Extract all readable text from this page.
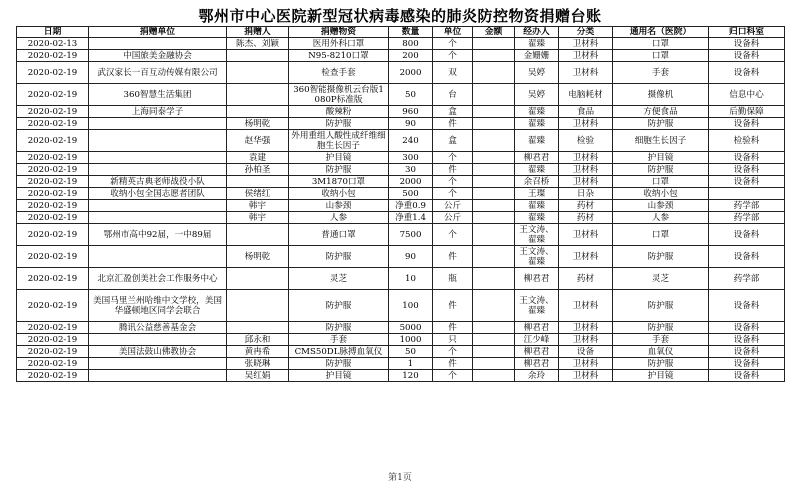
鄂州市中心医院新型冠状病毒感染的肺炎防控物资捐赠台账
日期	捐赠单位	捐赠人	捐赠物资	数量	单位	金额	经办人	分类	通用名（医院）	归口科室
2020-02-13		陈杰、刘颖	医用外科口罩	800	个		翟臻	卫材科	口罩	设备科
2020-02-19	中国旅美金融协会		N95-8210口罩	200	个		金姗姗	卫材科	口罩	设备科
2020-02-19	武汉家长一百互动传媒有限公司		检查手套	2000	双		吴婷	卫材科	手套	设备科
2020-02-19	360智慧生活集团		360智能摄像机云台版1080P标准版	50	台		吴婷	电脑耗材	摄像机	信息中心
2020-02-19	上海同泰学子		酸辣粉	960	盒		翟臻	食品	方便食品	后勤保障
2020-02-19		杨明乾	防护服	90	件		翟臻	卫材科	防护服	设备科
2020-02-19		赵华强	外用重组人酸性成纤维细胞生长因子	240	盒		翟臻	检验	细胞生长因子	检验科
2020-02-19		袁建	护目镜	300	个		柳君君	卫材科	护目镜	设备科
2020-02-19		孙柏圣	防护服	30	件		翟臻	卫材科	防护服	设备科
2020-02-19	新精英古典老师战役小队		3M1870口罩	2000	个		余召桥	卫材科	口罩	设备科
2020-02-19	收纳小包全国志愿者团队	侯绪红	收纳小包	500	个		王璨	日杂	收纳小包	
2020-02-19		韩宇	山参颈	净重0.9	公斤		翟臻	药材	山参颈	药学部
2020-02-19		韩宇	人参	净重1.4	公斤		翟臻	药材	人参	药学部
2020-02-19	鄂州市高中92届，一中89届		普通口罩	7500	个		王文涛、翟臻	卫材科	口罩	设备科
2020-02-19		杨明乾	防护服	90	件		王文涛、翟臻	卫材科	防护服	设备科
2020-02-19	北京汇盈创美社会工作服务中心		灵芝	10	瓶		柳君君	药材	灵芝	药学部
2020-02-19	美国马里兰州哈维中文学校，美国华盛顿地区同学会联合		防护服	100	件		王文涛、翟臻	卫材科	防护服	设备科
2020-02-19	腾讯公益慈善基金会		防护服	5000	件		柳君君	卫材科	防护服	设备科
2020-02-19		邱永和	手套	1000	只		江少峰	卫材科	手套	设备科
2020-02-19	美国法鼓山佛教协会	黄冉希	CMS50DL脉搏血氧仪	50	个		柳君君	设备	血氧仪	设备科
2020-02-19		张晓琳	防护服	1	件		柳君君	卫材科	防护服	设备科
2020-02-19		吴红娟	护目镜	120	个		余玲	卫材科	护目镜	设备科
第1页
